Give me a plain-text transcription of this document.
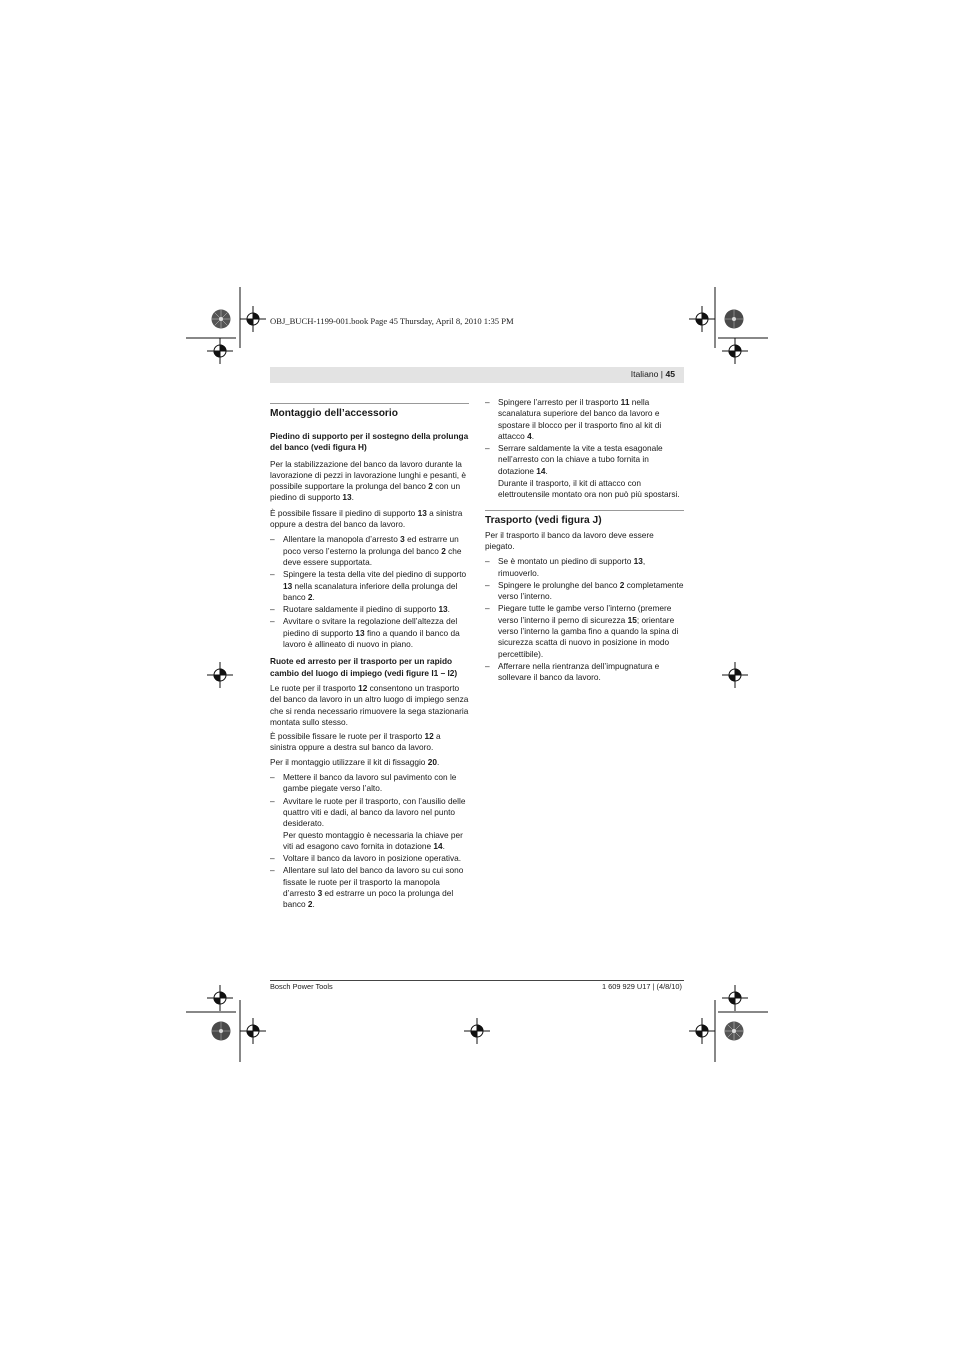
OBJ_BUCH-1199-001.book Page 45 Thursday, April 8, 2010 1:35 PM
Italiano | 45
Montaggio dell’accessorio
Piedino di supporto per il sostegno della prolunga del banco (vedi figura H)

Per la stabilizzazione del banco da lavoro durante la lavorazione di pezzi in lavorazione lunghi e pesanti, è possibile supportare la prolunga del banco 2 con un piedino di supporto 13.

È possibile fissare il piedino di supporto 13 a sinistra oppure a destra del banco da lavoro.

– Allentare la manopola d’arresto 3 ed estrarre un poco verso l’esterno la prolunga del banco 2 che deve essere supportata.

– Spingere la testa della vite del piedino di supporto 13 nella scanalatura inferiore della prolunga del banco 2.

– Ruotare saldamente il piedino di supporto 13.

– Avvitare o svitare la regolazione dell’altezza del piedino di supporto 13 fino a quando il banco da lavoro è allineato di nuovo in piano.

Ruote ed arresto per il trasporto per un rapido cambio del luogo di impiego (vedi figure I1 – I2)

Le ruote per il trasporto 12 consentono un trasporto del banco da lavoro in un altro luogo di impiego senza che si renda necessario rimuovere la sega stazionaria montata sullo stesso.

È possibile fissare le ruote per il trasporto 12 a sinistra oppure a destra sul banco da lavoro.

Per il montaggio utilizzare il kit di fissaggio 20.

– Mettere il banco da lavoro sul pavimento con le gambe piegate verso l’alto.

– Avvitare le ruote per il trasporto, con l’ausilio delle quattro viti e dadi, al banco da lavoro nel punto desiderato.

Per questo montaggio è necessaria la chiave per viti ad esagono cavo fornita in dotazione 14.

– Voltare il banco da lavoro in posizione operativa.

– Allentare sul lato del banco da lavoro su cui sono fissate le ruote per il trasporto la manopola d’arresto 3 ed estrarre un poco la prolunga del banco 2.

– Spingere l’arresto per il trasporto 11 nella scanalatura superiore del banco da lavoro e spostare il blocco per il trasporto fino al kit di attacco 4.

– Serrare saldamente la vite a testa esagonale nell’arresto con la chiave a tubo fornita in dotazione 14.

Durante il trasporto, il kit di attacco con elettroutensile montato ora non può più spostarsi.

Trasporto (vedi figura J)

Per il trasporto il banco da lavoro deve essere piegato.

– Se è montato un piedino di supporto 13, rimuoverlo.

– Spingere le prolunghe del banco 2 completamente verso l’interno.

– Piegare tutte le gambe verso l’interno (premere verso l’interno il perno di sicurezza 15; orientare verso l’interno la gamba fino a quando la spina di sicurezza scatta di nuovo in posizione in modo percettibile).

– Afferrare nella rientranza dell’impugnatura e sollevare il banco da lavoro.

Bosch Power Tools	1 609 929 U17 | (4/8/10)
